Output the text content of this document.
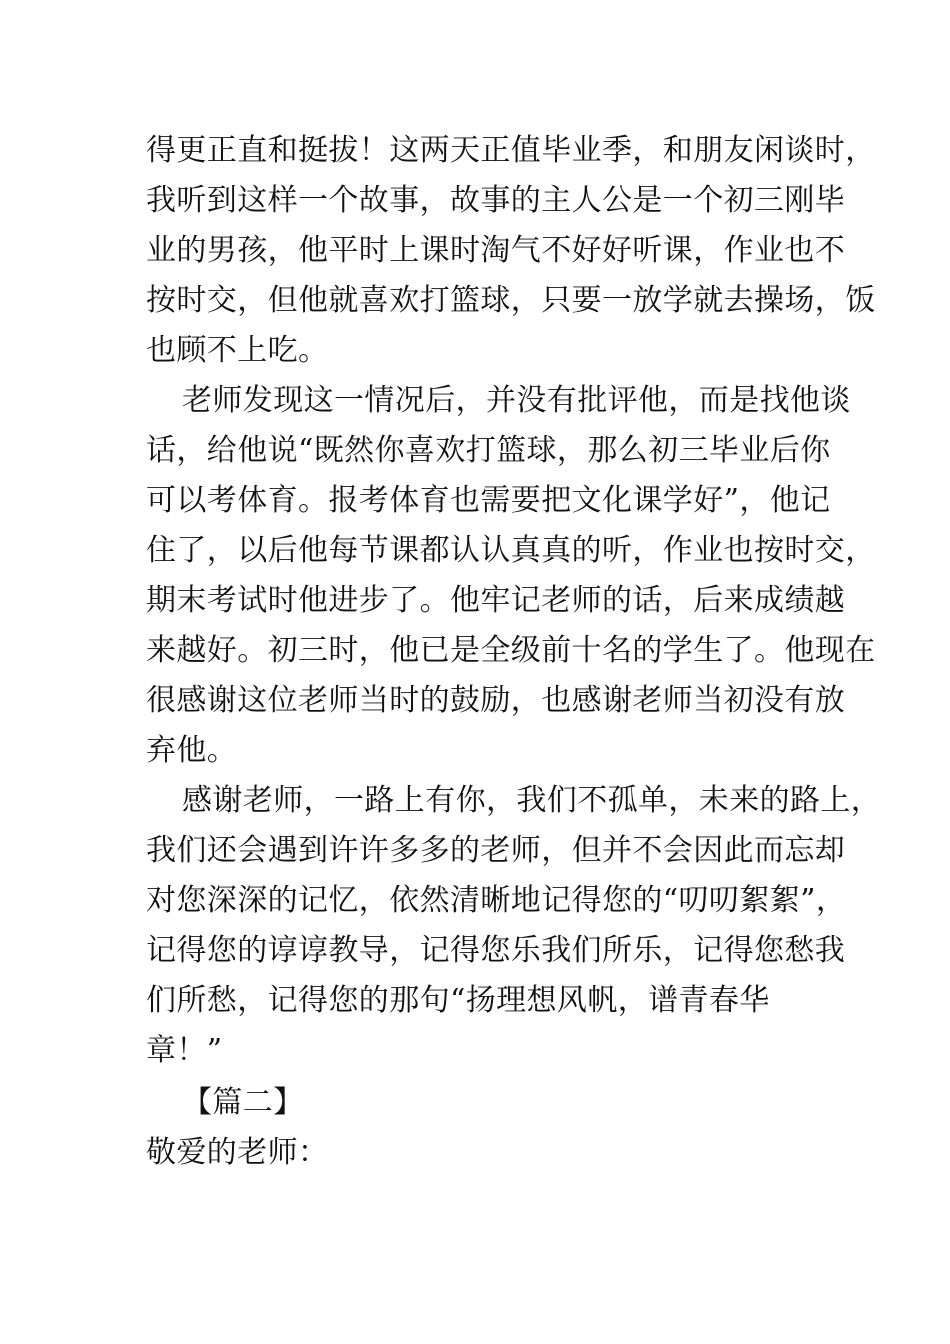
得更正直和挺拔！这两天正值毕业季，和朋友闲谈时，
我听到这样一个故事，故事的主人公是一个初三刚毕
业的男孩，他平时上课时淘气不好好听课，作业也不
按时交，但他就喜欢打篮球，只要一放学就去操场，饭
也顾不上吃。
老师发现这一情况后，并没有批评他，而是找他谈
话，给他说“既然你喜欢打篮球，那么初三毕业后你
可以考体育。报考体育也需要把文化课学好”，他记
住了，以后他每节课都认认真真的听，作业也按时交，
期末考试时他进步了。他牢记老师的话，后来成绩越
来越好。初三时，他已是全级前十名的学生了。他现在
很感谢这位老师当时的鼓励，也感谢老师当初没有放
弃他。
感谢老师，一路上有你，我们不孤单，未来的路上，
我们还会遇到许许多多的老师，但并不会因此而忘却
对您深深的记忆，依然清晰地记得您的“叨叨絮絮”，
记得您的谆谆教导，记得您乐我们所乐，记得您愁我
们所愁，记得您的那句“扬理想风帆，谱青春华
章！”
【篇二】
敬爱的老师：
